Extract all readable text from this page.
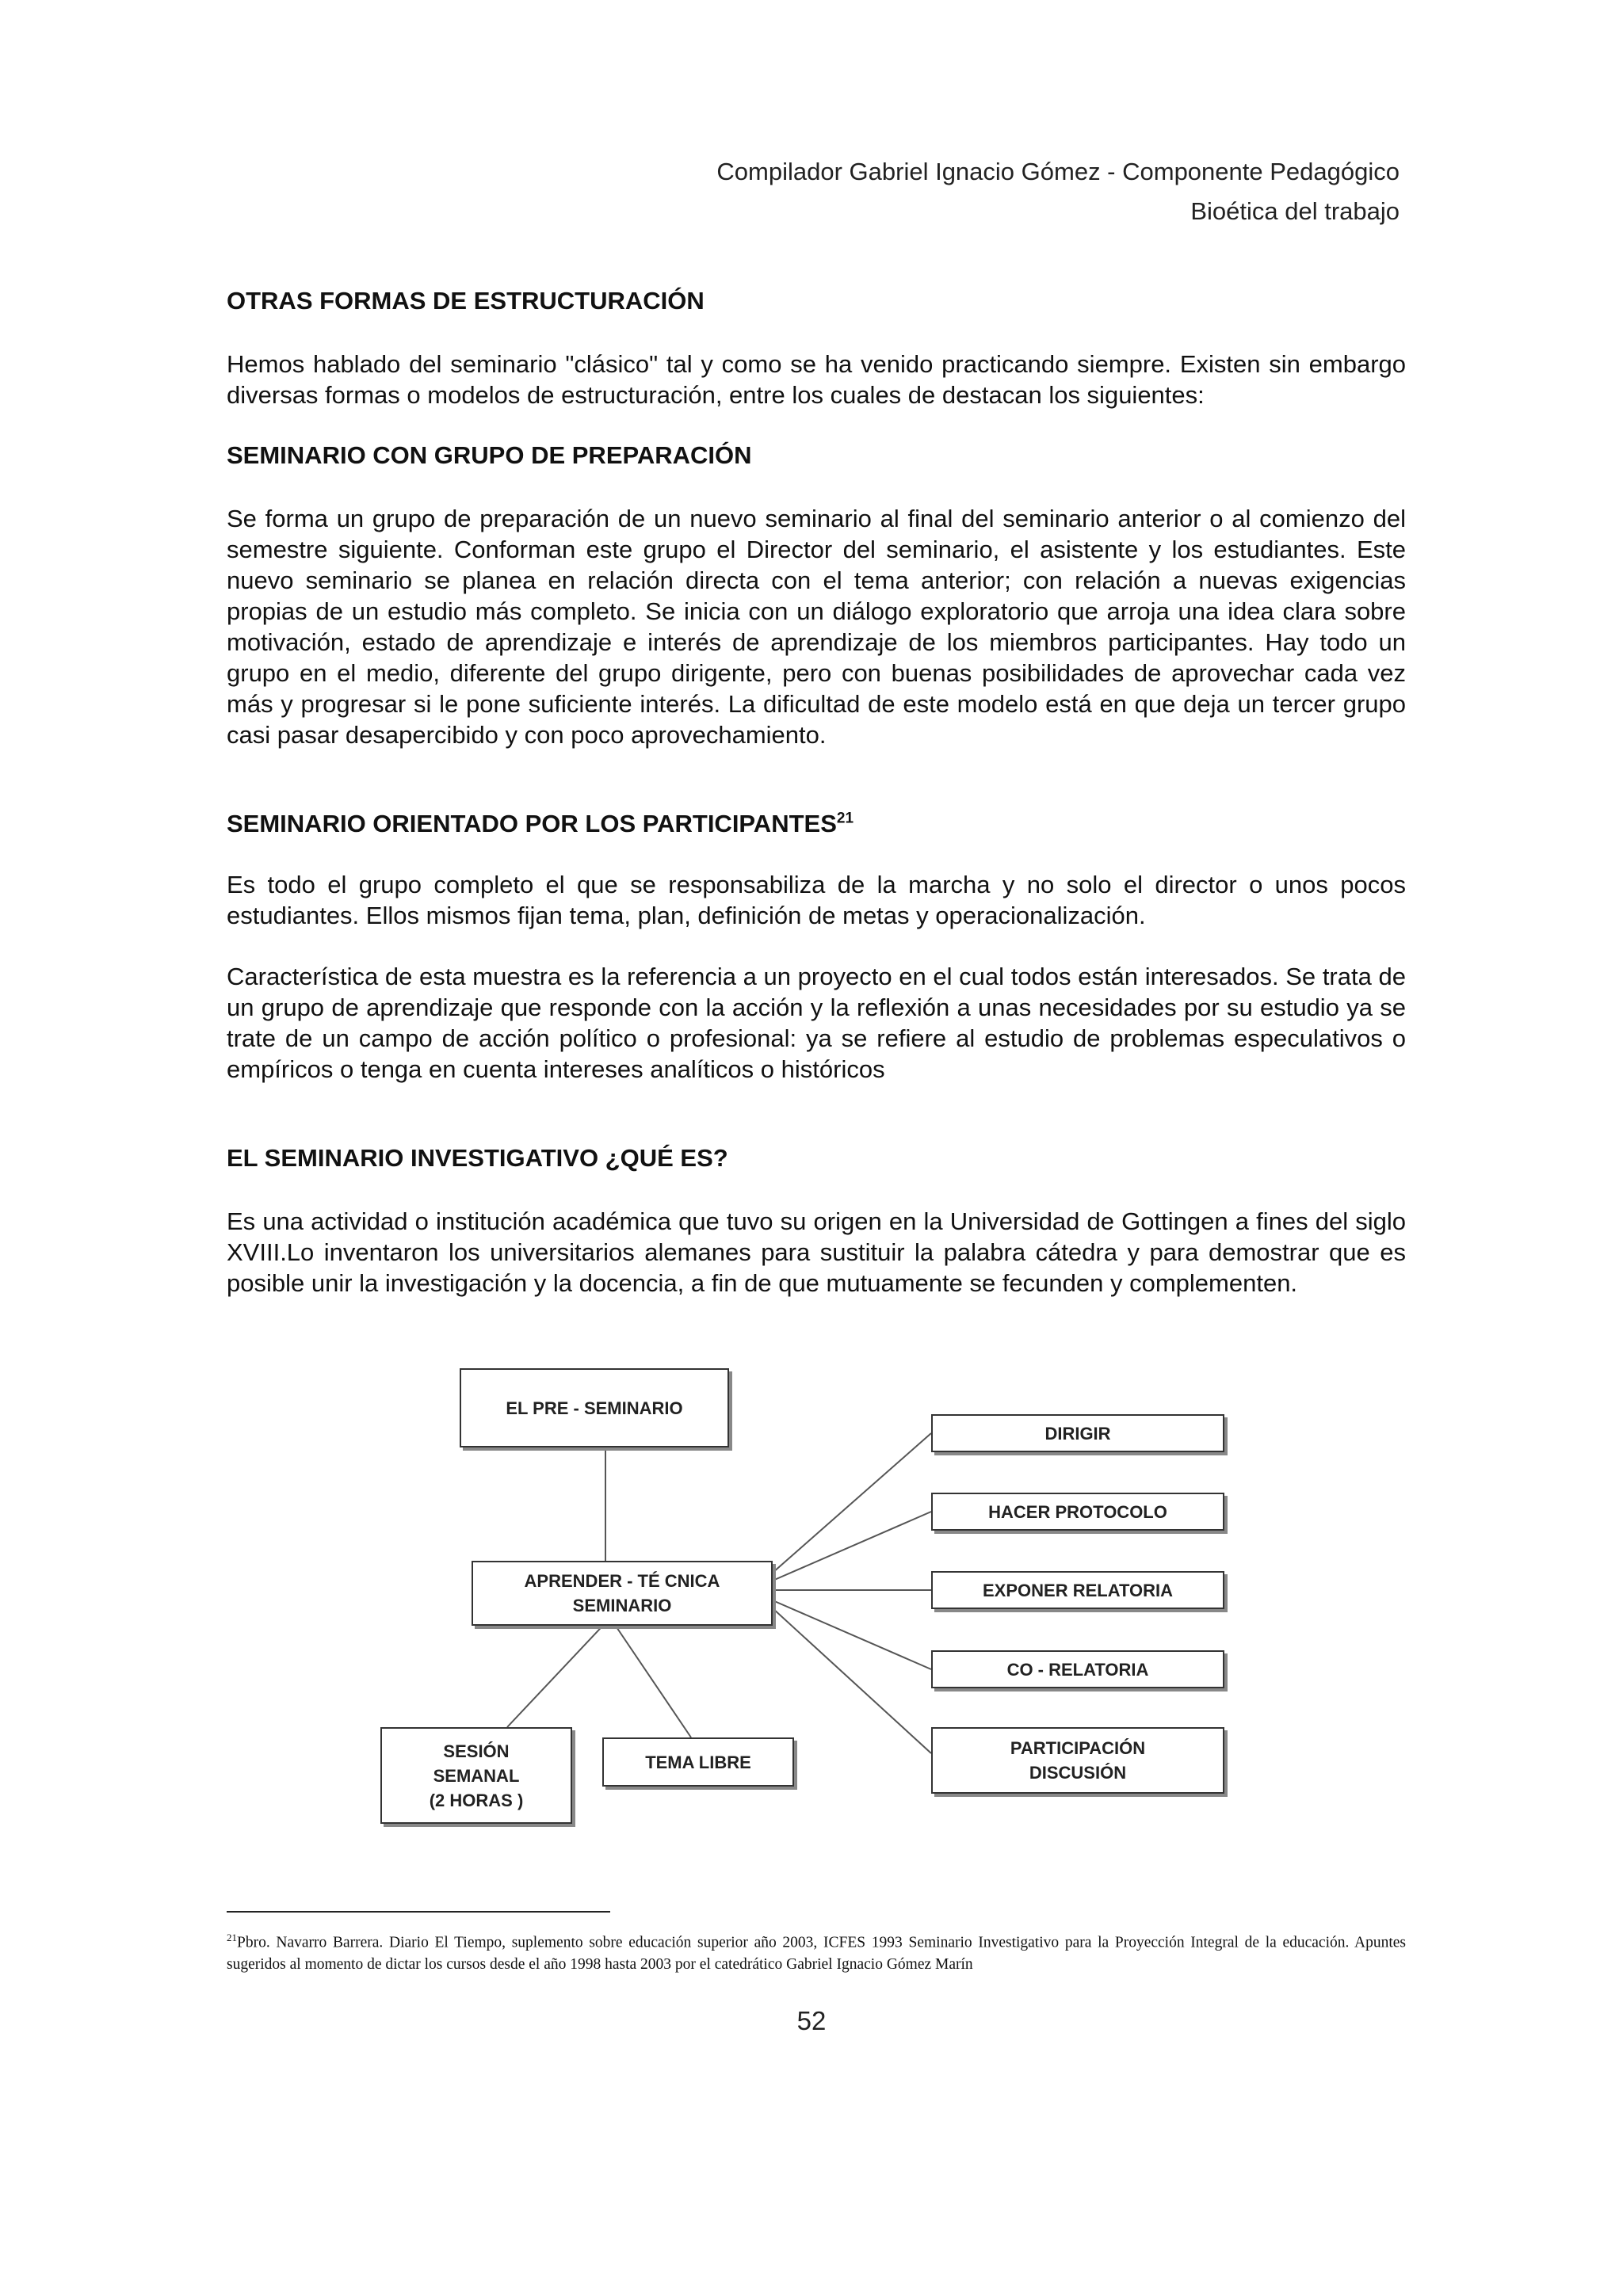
Compilador Gabriel Ignacio Gómez - Componente Pedagógico
Bioética del trabajo
OTRAS FORMAS DE ESTRUCTURACIÓN
Hemos hablado del seminario "clásico" tal y como se ha venido practicando siempre. Existen sin embargo diversas formas o modelos de estructuración, entre los cuales de destacan los siguientes:
SEMINARIO CON GRUPO DE PREPARACIÓN
Se forma un grupo de preparación de un nuevo seminario al final del seminario anterior o al comienzo del semestre siguiente. Conforman este grupo el Director del seminario, el asistente y los estudiantes. Este nuevo seminario se planea en relación directa con el tema anterior; con relación a nuevas exigencias propias de un estudio más completo. Se inicia con un diálogo exploratorio que arroja una idea clara sobre motivación, estado de aprendizaje e interés de aprendizaje de los miembros participantes. Hay todo un grupo en el medio, diferente del grupo dirigente, pero con buenas posibilidades de aprovechar cada vez más y progresar si le pone suficiente interés. La dificultad de este modelo está en que deja un tercer grupo casi pasar desapercibido y con poco aprovechamiento.
SEMINARIO ORIENTADO POR LOS PARTICIPANTES$^{21}$
Es todo el grupo completo el que se responsabiliza de la marcha y no solo el director o unos pocos estudiantes. Ellos mismos fijan tema, plan, definición de metas y operacionalización.
Característica de esta muestra es la referencia a un proyecto en el cual todos están interesados. Se trata de un grupo de aprendizaje que responde con la acción y la reflexión a unas necesidades por su estudio ya se trate de un campo de acción político o profesional: ya se refiere al estudio de problemas especulativos o empíricos o tenga en cuenta intereses analíticos o históricos
EL SEMINARIO INVESTIGATIVO ¿QUÉ ES?
Es una actividad o institución académica que tuvo su origen en la Universidad de Gottingen a fines del siglo XVIII.Lo inventaron los universitarios alemanes para sustituir la palabra cátedra y para demostrar que es posible unir la investigación y la docencia, a fin de que mutuamente se fecunden y complementen.
EL PRE - SEMINARIO
APRENDER - TÉ CNICA
SEMINARIO
DIRIGIR
HACER PROTOCOLO
EXPONER RELATORIA
CO - RELATORIA
PARTICIPACIÓN
DISCUSIÓN
SESIÓN
SEMANAL
(2 HORAS )
TEMA LIBRE
$^{21}$Pbro. Navarro Barrera. Diario El Tiempo, suplemento sobre educación superior año 2003, ICFES 1993 Seminario Investigativo para la Proyección Integral de la educación. Apuntes sugeridos al momento de dictar los cursos desde el año 1998 hasta 2003 por el catedrático Gabriel Ignacio Gómez Marín
52
